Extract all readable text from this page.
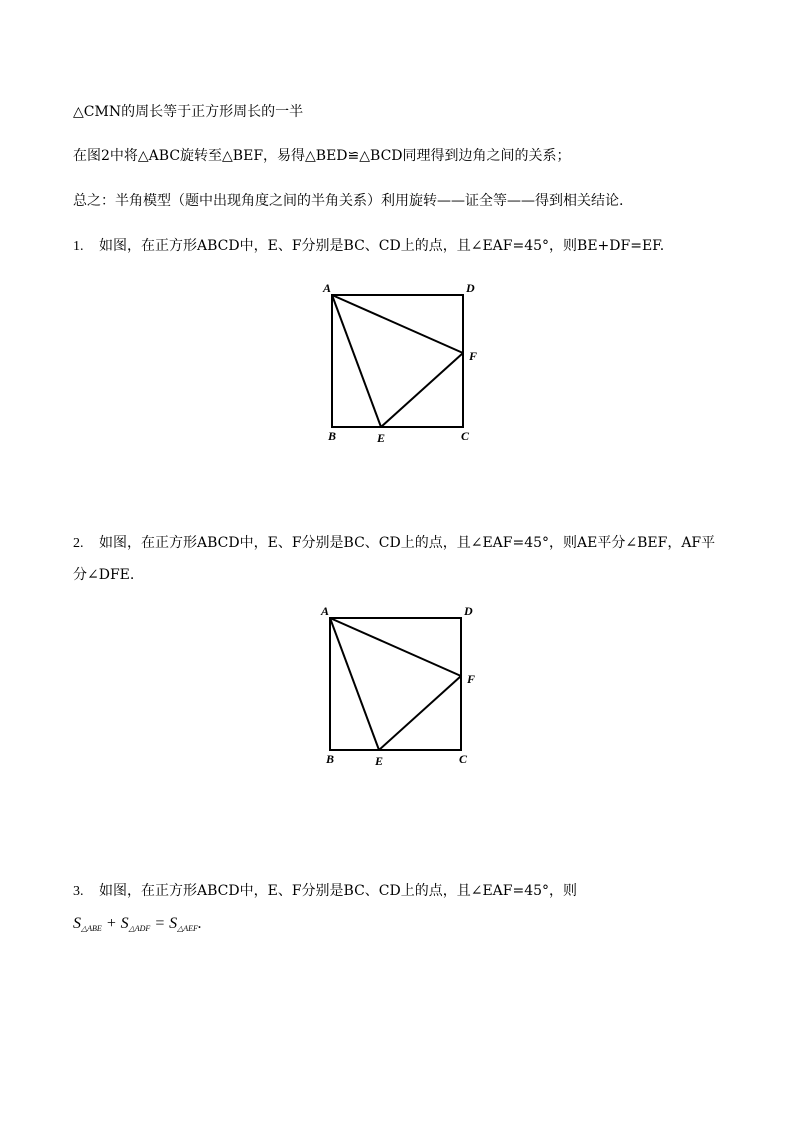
△CMN的周长等于正方形周长的一半
在图2中将△ABC旋转至△BEF，易得△BED≌△BCD同理得到边角之间的关系；
总之：半角模型（题中出现角度之间的半角关系）利用旋转——证全等——得到相关结论.
1. 如图，在正方形ABCD中，E、F分别是BC、CD上的点，且∠EAF=45°，则BE+DF=EF.
A	D
F
B	E	C
2. 如图，在正方形ABCD中，E、F分别是BC、CD上的点，且∠EAF=45°，则AE平分∠BEF，AF平
分∠DFE.
A	D
F
B	E	C
3. 如图，在正方形ABCD中，E、F分别是BC、CD上的点，且∠EAF=45°，则
$S_{\triangle ABE} + S_{\triangle ADF} = S_{\triangle AEF}$.
